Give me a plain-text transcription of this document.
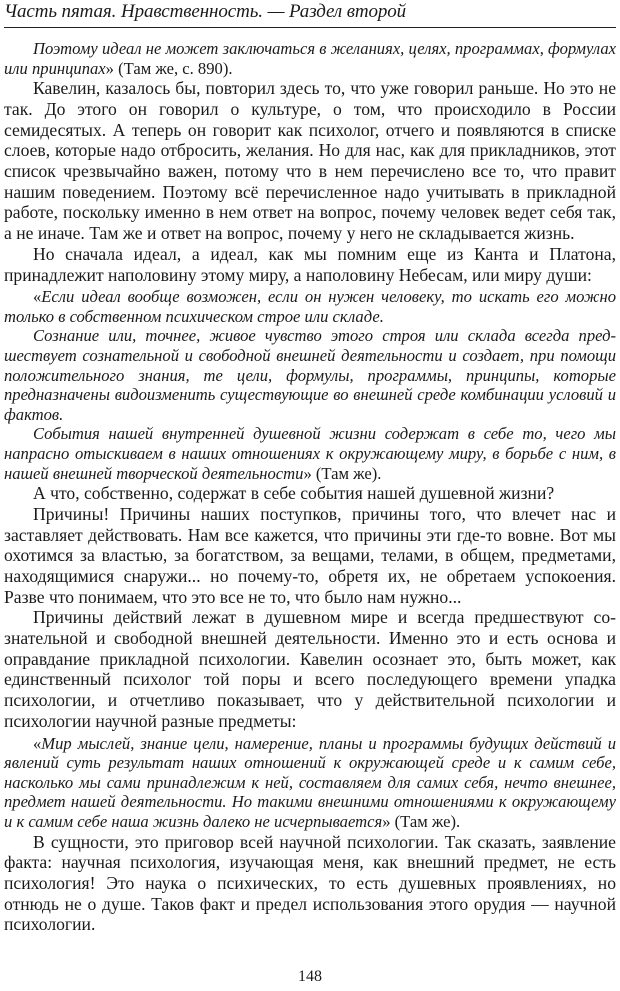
Часть пятая. Нравственность. — Раздел второй

Поэтому идеал не может заключаться в желаниях, целях, программах, формулах или принципах» (Там же, с. 890).

Кавелин, казалось бы, повторил здесь то, что уже говорил раньше. Но это не так. До этого он говорил о культуре, о том, что происходило в России семидесятых. А теперь он говорит как психолог, отчего и появляются в списке слоев, которые надо отбросить, желания. Но для нас, как для прикладников, этот список чрезвычайно важен, потому что в нем перечислено все то, что правит нашим поведением. Поэтому всё перечисленное надо учитывать в прикладной работе, поскольку именно в нем ответ на вопрос, почему человек ведет себя так, а не иначе. Там же и ответ на вопрос, почему у него не складывается жизнь.

Но сначала идеал, а идеал, как мы помним еще из Канта и Платона, принадлежит наполовину этому миру, а наполовину Небесам, или миру души:

«Если идеал вообще возможен, если он нужен человеку, то искать его можно только в собственном психическом строе или складе.

Сознание или, точнее, живое чувство этого строя или склада всегда предшествует сознательной и свободной внешней деятельности и создает, при помощи положительного знания, те цели, формулы, программы, принципы, которые предназначены видоизменить существующие во внешней среде комбинации условий и фактов.

События нашей внутренней душевной жизни содержат в себе то, чего мы напрасно отыскиваем в наших отношениях к окружающему миру, в борьбе с ним, в нашей внешней творческой деятельности» (Там же).

А что, собственно, содержат в себе события нашей душевной жизни?

Причины! Причины наших поступков, причины того, что влечет нас и заставляет действовать. Нам все кажется, что причины эти где-то вовне. Вот мы охотимся за властью, за богатством, за вещами, телами, в общем, предметами, находящимися снаружи... но почему-то, обретя их, не обретаем успокоения. Разве что понимаем, что это все не то, что было нам нужно...

Причины действий лежат в душевном мире и всегда предшествуют сознательной и свободной внешней деятельности. Именно это и есть основа и оправдание прикладной психологии. Кавелин осознает это, быть может, как единственный психолог той поры и всего последующего времени упадка психологии, и отчетливо показывает, что у действительной психологии и психологии научной разные предметы:

«Мир мыслей, знание цели, намерение, планы и программы будущих действий и явлений суть результат наших отношений к окружающей среде и к самим себе, насколько мы сами принадлежим к ней, составляем для самих себя, нечто внешнее, предмет нашей деятельности. Но такими внешними отношениями к окружающему и к самим себе наша жизнь далеко не исчерпывается» (Там же).

В сущности, это приговор всей научной психологии. Так сказать, заявление факта: научная психология, изучающая меня, как внешний предмет, не есть психология! Это наука о психических, то есть душевных проявлениях, но отнюдь не о душе. Таков факт и предел использования этого орудия — научной психологии.

148
